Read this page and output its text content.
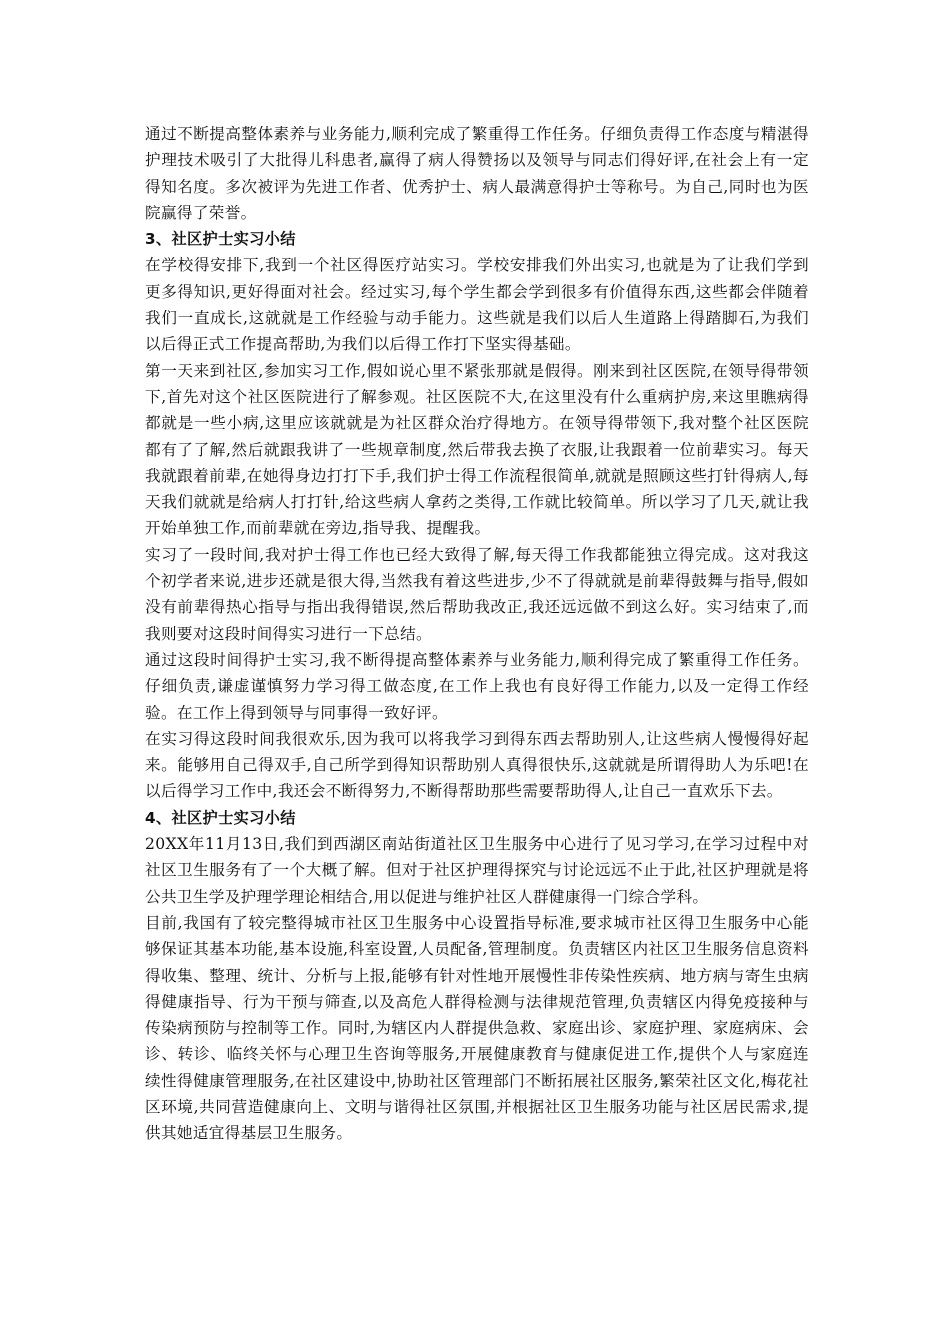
通过不断提高整体素养与业务能力,顺利完成了繁重得工作任务。仔细负责得工作态度与精湛得护理技术吸引了大批得儿科患者,赢得了病人得赞扬以及领导与同志们得好评,在社会上有一定得知名度。多次被评为先进工作者、优秀护士、病人最满意得护士等称号。为自己,同时也为医院赢得了荣誉。

3、社区护士实习小结

在学校得安排下,我到一个社区得医疗站实习。学校安排我们外出实习,也就是为了让我们学到更多得知识,更好得面对社会。经过实习,每个学生都会学到很多有价值得东西,这些都会伴随着我们一直成长,这就就是工作经验与动手能力。这些就是我们以后人生道路上得踏脚石,为我们以后得正式工作提高帮助,为我们以后得工作打下坚实得基础。

第一天来到社区,参加实习工作,假如说心里不紧张那就是假得。刚来到社区医院,在领导得带领下,首先对这个社区医院进行了解参观。社区医院不大,在这里没有什么重病护房,来这里瞧病得都就是一些小病,这里应该就就是为社区群众治疗得地方。在领导得带领下,我对整个社区医院都有了了解,然后就跟我讲了一些规章制度,然后带我去换了衣服,让我跟着一位前辈实习。每天我就跟着前辈,在她得身边打打下手,我们护士得工作流程很简单,就就是照顾这些打针得病人,每天我们就就是给病人打打针,给这些病人拿药之类得,工作就比较简单。所以学习了几天,就让我开始单独工作,而前辈就在旁边,指导我、提醒我。

实习了一段时间,我对护士得工作也已经大致得了解,每天得工作我都能独立得完成。这对我这个初学者来说,进步还就是很大得,当然我有着这些进步,少不了得就就是前辈得鼓舞与指导,假如没有前辈得热心指导与指出我得错误,然后帮助我改正,我还远远做不到这么好。实习结束了,而我则要对这段时间得实习进行一下总结。

通过这段时间得护士实习,我不断得提高整体素养与业务能力,顺利得完成了繁重得工作任务。仔细负责,谦虚谨慎努力学习得工做态度,在工作上我也有良好得工作能力,以及一定得工作经验。在工作上得到领导与同事得一致好评。

在实习得这段时间我很欢乐,因为我可以将我学习到得东西去帮助别人,让这些病人慢慢得好起来。能够用自己得双手,自己所学到得知识帮助别人真得很快乐,这就就是所谓得助人为乐吧!在以后得学习工作中,我还会不断得努力,不断得帮助那些需要帮助得人,让自己一直欢乐下去。

4、社区护士实习小结

20XX年11月13日,我们到西湖区南站街道社区卫生服务中心进行了见习学习,在学习过程中对社区卫生服务有了一个大概了解。但对于社区护理得探究与讨论远远不止于此,社区护理就是将公共卫生学及护理学理论相结合,用以促进与维护社区人群健康得一门综合学科。

目前,我国有了较完整得城市社区卫生服务中心设置指导标准,要求城市社区得卫生服务中心能够保证其基本功能,基本设施,科室设置,人员配备,管理制度。负责辖区内社区卫生服务信息资料得收集、整理、统计、分析与上报,能够有针对性地开展慢性非传染性疾病、地方病与寄生虫病得健康指导、行为干预与筛查,以及高危人群得检测与法律规范管理,负责辖区内得免疫接种与传染病预防与控制等工作。同时,为辖区内人群提供急救、家庭出诊、家庭护理、家庭病床、会诊、转诊、临终关怀与心理卫生咨询等服务,开展健康教育与健康促进工作,提供个人与家庭连续性得健康管理服务,在社区建设中,协助社区管理部门不断拓展社区服务,繁荣社区文化,梅花社区环境,共同营造健康向上、文明与谐得社区氛围,并根据社区卫生服务功能与社区居民需求,提供其她适宜得基层卫生服务。
